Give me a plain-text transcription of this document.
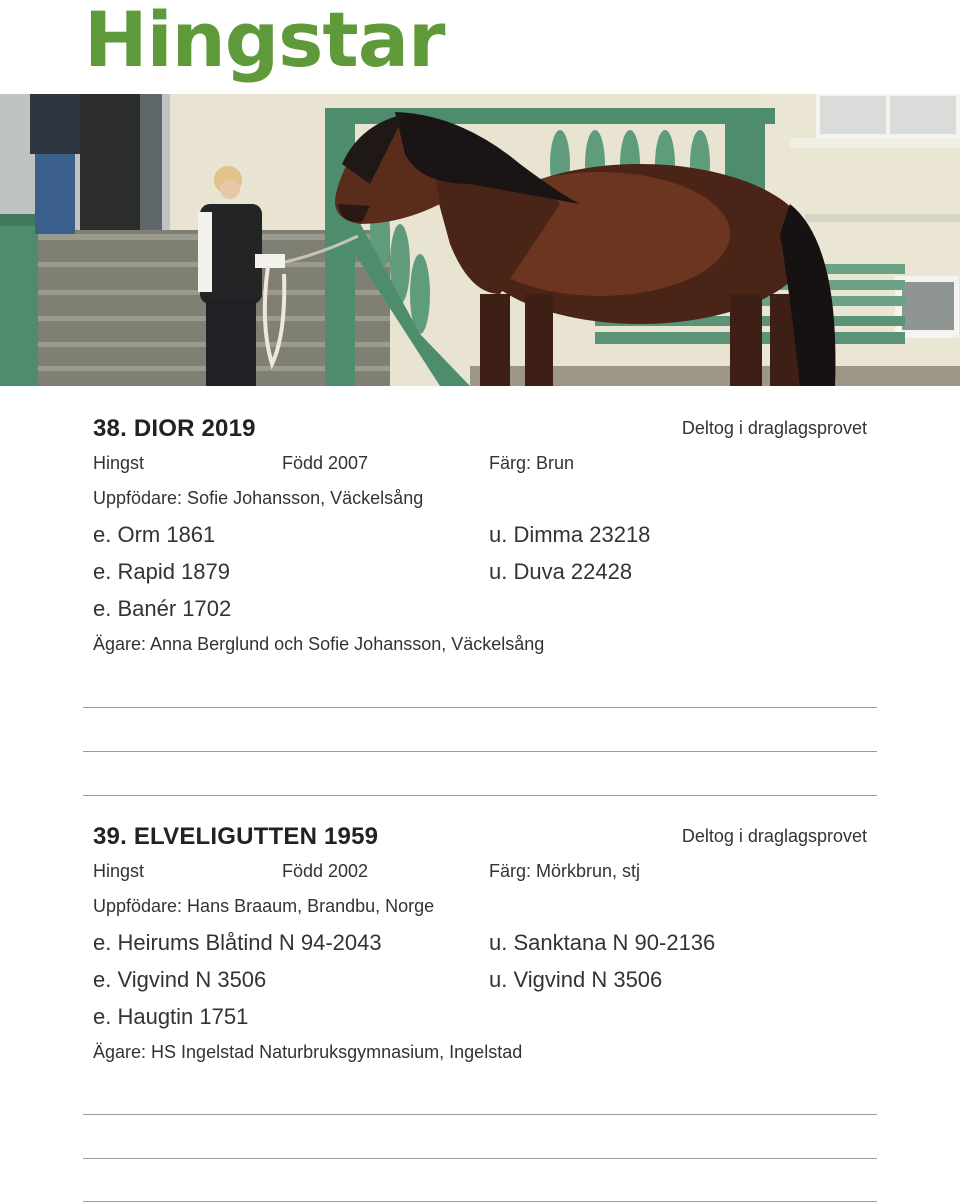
Hingstar
38. DIOR 2019	Deltog i draglagsprovet
Hingst	Född 2007	Färg: Brun
Uppfödare: Sofie Johansson, Väckelsång
e. Orm 1861	u. Dimma 23218
e. Rapid 1879	u. Duva 22428
e. Banér 1702
Ägare: Anna Berglund och Sofie Johansson, Väckelsång
39. ELVELIGUTTEN 1959	Deltog i draglagsprovet
Hingst	Född 2002	Färg: Mörkbrun, stj
Uppfödare: Hans Braaum, Brandbu, Norge
e. Heirums Blåtind N 94-2043	u. Sanktana N 90-2136
e. Vigvind N 3506	u. Vigvind N 3506
e. Haugtin 1751
Ägare: HS Ingelstad Naturbruksgymnasium, Ingelstad
